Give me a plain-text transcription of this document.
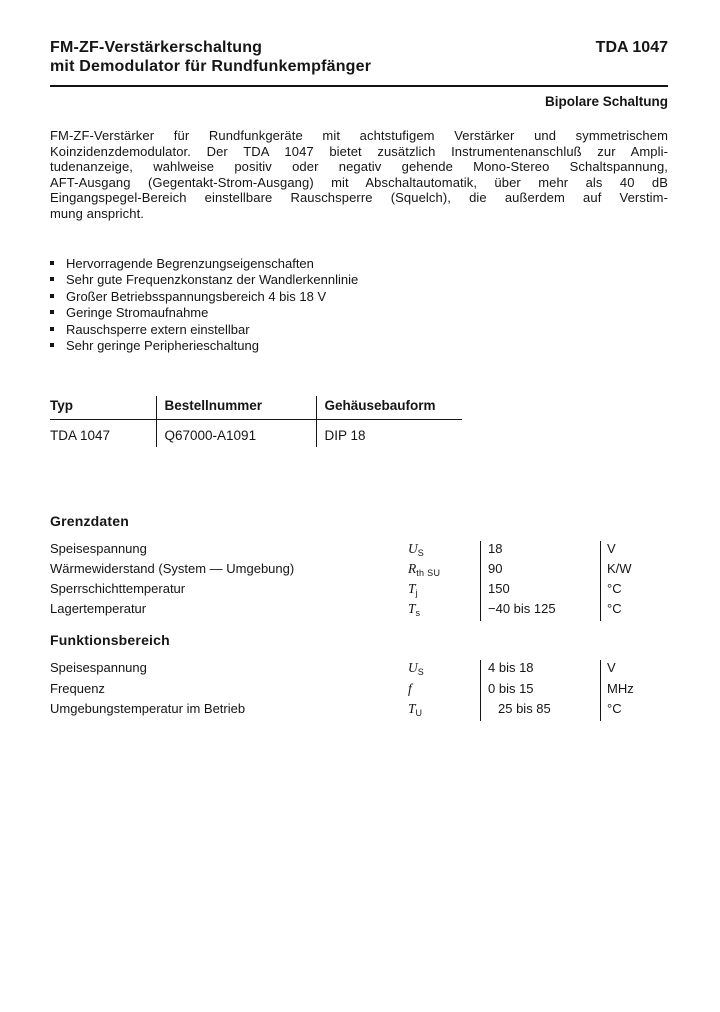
FM-ZF-Verstärkerschaltung
mit Demodulator für Rundfunkempfänger
TDA 1047
Bipolare Schaltung
FM-ZF-Verstärker für Rundfunkgeräte mit achtstufigem Verstärker und symmetrischem
Koinzidenzdemodulator. Der TDA 1047 bietet zusätzlich Instrumentenanschluß zur Ampli-
tudenanzeige, wahlweise positiv oder negativ gehende Mono-Stereo Schaltspannung,
AFT-Ausgang (Gegentakt-Strom-Ausgang) mit Abschaltautomatik, über mehr als 40 dB
Eingangspegel-Bereich einstellbare Rauschsperre (Squelch), die außerdem auf Verstim-
mung anspricht.
Hervorragende Begrenzungseigenschaften
Sehr gute Frequenzkonstanz der Wandlerkennlinie
Großer Betriebsspannungsbereich 4 bis 18 V
Geringe Stromaufnahme
Rauschsperre extern einstellbar
Sehr geringe Peripherieschaltung
Typ	Bestellnummer	Gehäusebauform
TDA 1047	Q67000-A1091	DIP 18
Grenzdaten
Speisespannung	$U_S$	18	V
Wärmewiderstand (System — Umgebung)	$R_{th SU}$	90	K/W
Sperrschichttemperatur	$T_j$	150	°C
Lagertemperatur	$T_s$	−40 bis 125	°C
Funktionsbereich
Speisespannung	$U_S$	4 bis 18	V
Frequenz	f	0 bis 15	MHz
Umgebungstemperatur im Betrieb	$T_U$	25 bis 85	°C
